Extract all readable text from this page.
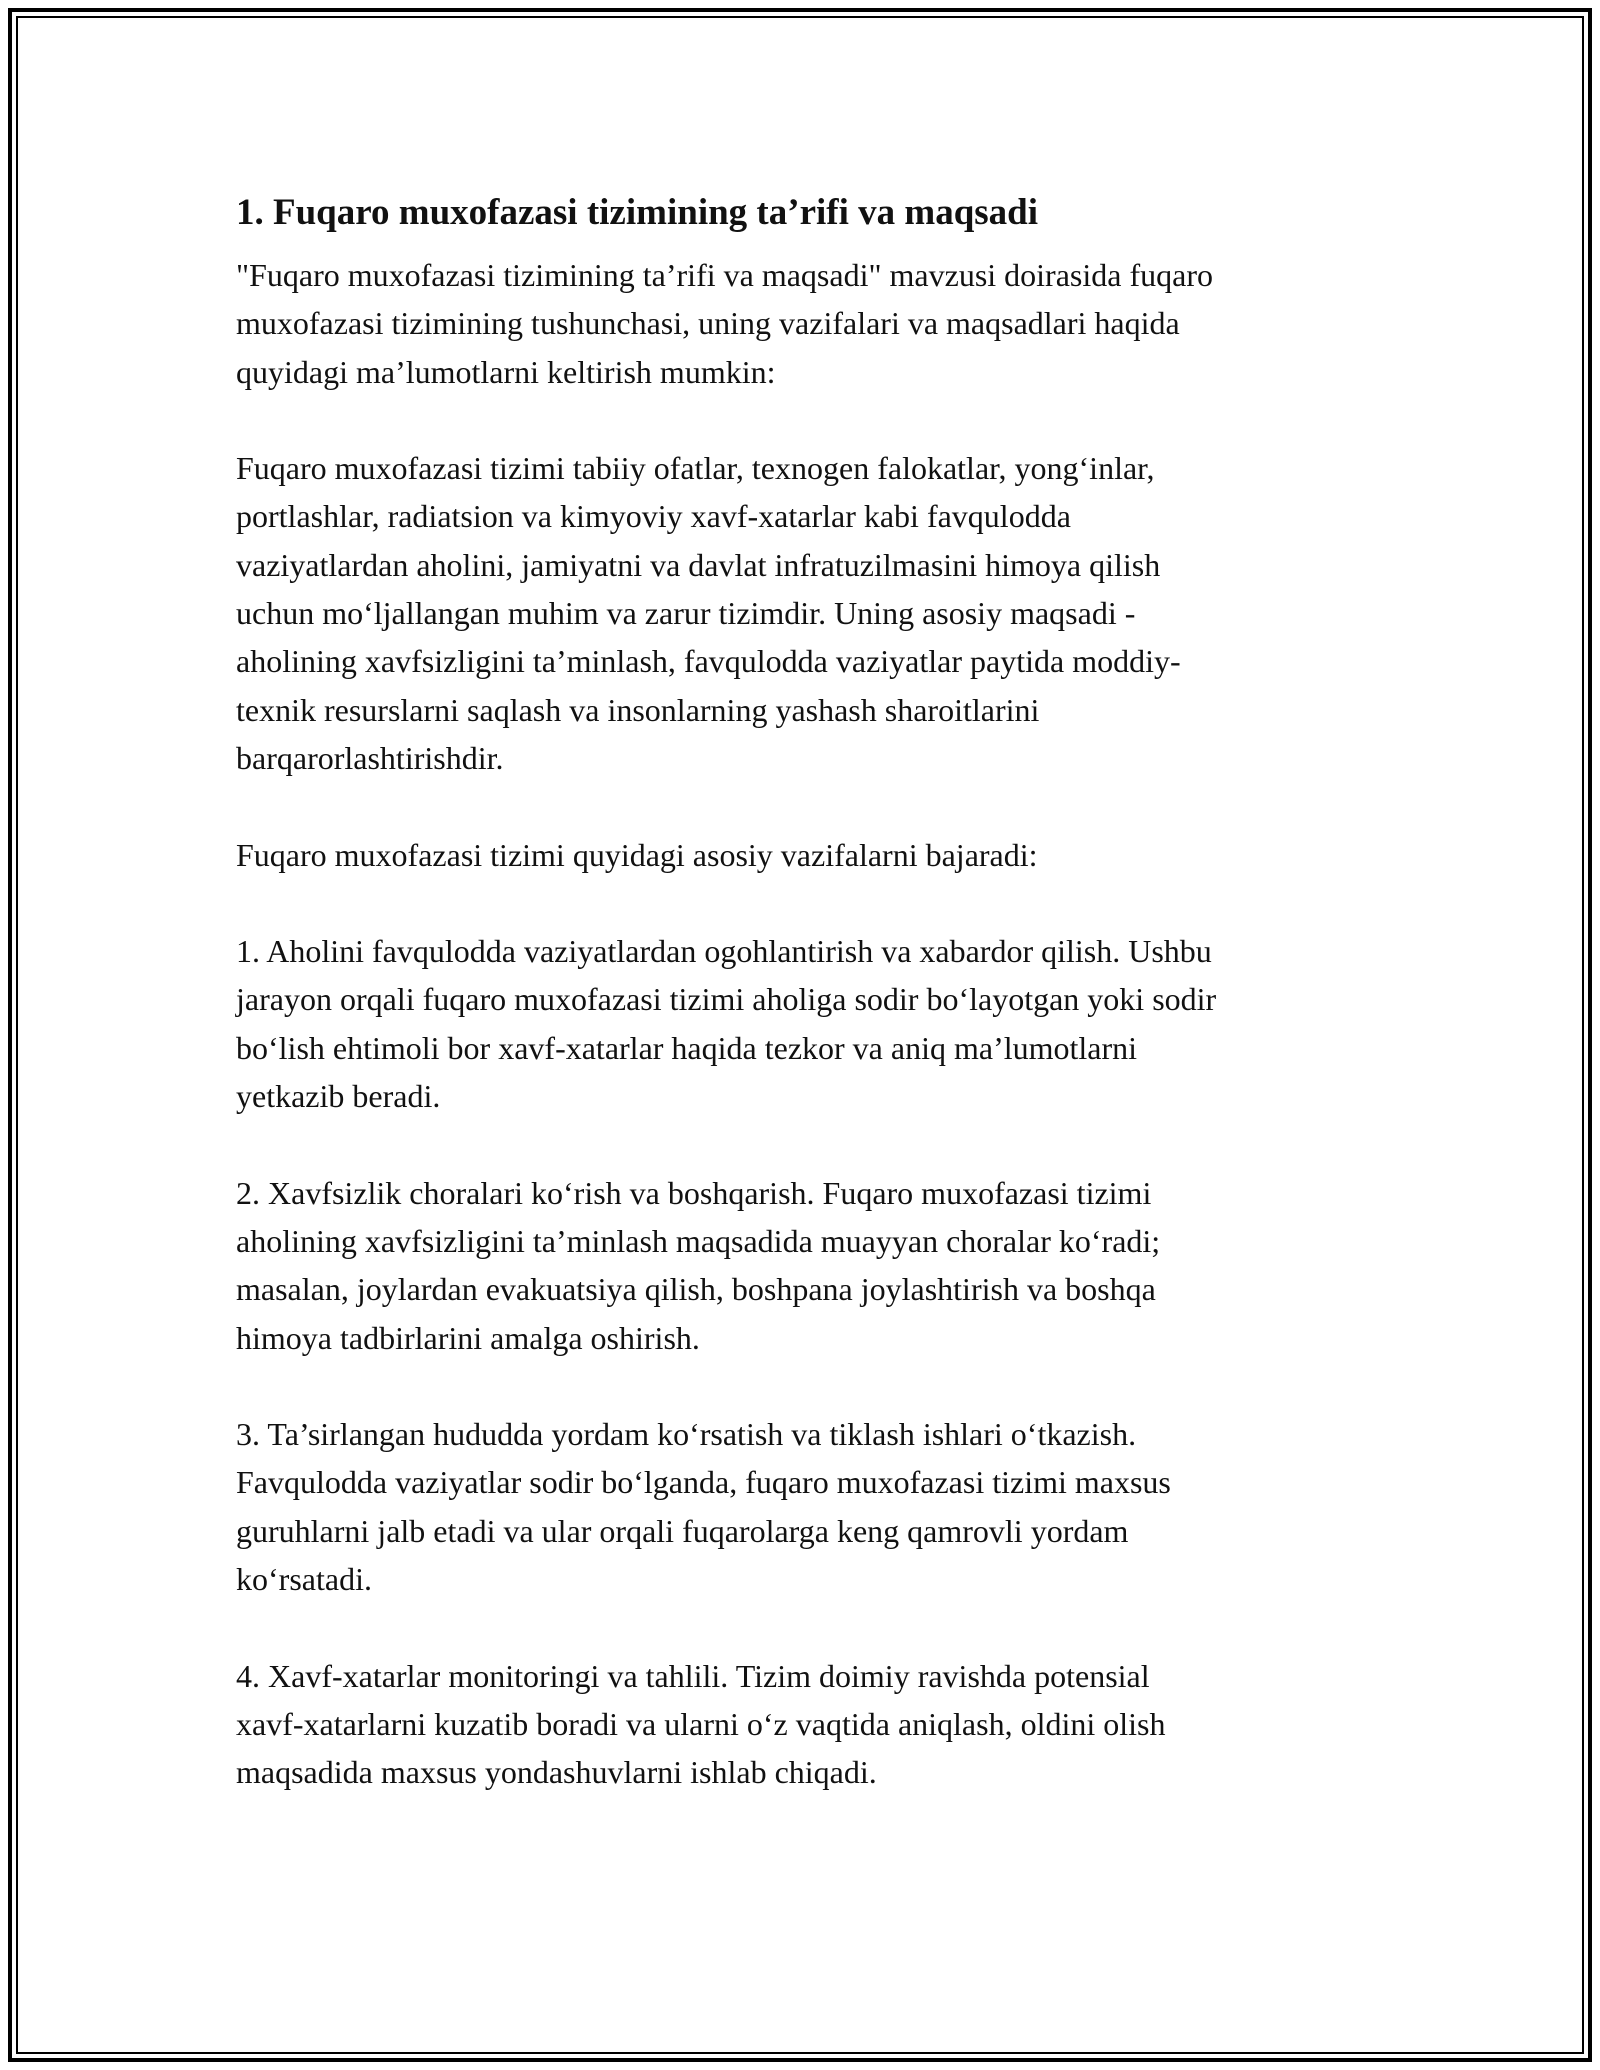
1. Fuqaro muxofazasi tizimining ta’rifi va maqsadi

"Fuqaro muxofazasi tizimining ta’rifi va maqsadi" mavzusi doirasida fuqaro
muxofazasi tizimining tushunchasi, uning vazifalari va maqsadlari haqida
quyidagi ma’lumotlarni keltirish mumkin:

Fuqaro muxofazasi tizimi tabiiy ofatlar, texnogen falokatlar, yong‘inlar,
portlashlar, radiatsion va kimyoviy xavf-xatarlar kabi favqulodda
vaziyatlardan aholini, jamiyatni va davlat infratuzilmasini himoya qilish
uchun mo‘ljallangan muhim va zarur tizimdir. Uning asosiy maqsadi -
aholining xavfsizligini ta’minlash, favqulodda vaziyatlar paytida moddiy-
texnik resurslarni saqlash va insonlarning yashash sharoitlarini
barqarorlashtirishdir.

Fuqaro muxofazasi tizimi quyidagi asosiy vazifalarni bajaradi:

1. Aholini favqulodda vaziyatlardan ogohlantirish va xabardor qilish. Ushbu
jarayon orqali fuqaro muxofazasi tizimi aholiga sodir bo‘layotgan yoki sodir
bo‘lish ehtimoli bor xavf-xatarlar haqida tezkor va aniq ma’lumotlarni
yetkazib beradi.

2. Xavfsizlik choralari ko‘rish va boshqarish. Fuqaro muxofazasi tizimi
aholining xavfsizligini ta’minlash maqsadida muayyan choralar ko‘radi;
masalan, joylardan evakuatsiya qilish, boshpana joylashtirish va boshqa
himoya tadbirlarini amalga oshirish.

3. Ta’sirlangan hududda yordam ko‘rsatish va tiklash ishlari o‘tkazish.
Favqulodda vaziyatlar sodir bo‘lganda, fuqaro muxofazasi tizimi maxsus
guruhlarni jalb etadi va ular orqali fuqarolarga keng qamrovli yordam
ko‘rsatadi.

4. Xavf-xatarlar monitoringi va tahlili. Tizim doimiy ravishda potensial
xavf-xatarlarni kuzatib boradi va ularni o‘z vaqtida aniqlash, oldini olish
maqsadida maxsus yondashuvlarni ishlab chiqadi.
